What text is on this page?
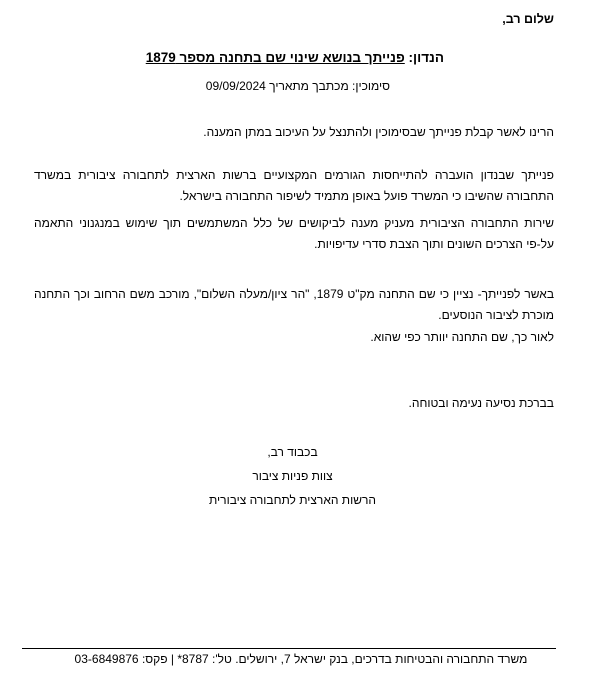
שלום רב,
הנדון: פנייתך בנושא שינוי שם בתחנה מספר 1879
סימוכין: מכתבך מתאריך 09/09/2024
הרינו לאשר קבלת פנייתך שבסימוכין ולהתנצל על העיכוב במתן המענה.
פנייתך שבנדון הועברה להתייחסות הגורמים המקצועיים ברשות הארצית לתחבורה ציבורית במשרד התחבורה שהשיבו כי המשרד פועל באופן מתמיד לשיפור התחבורה בישראל.
שירות התחבורה הציבורית מעניק מענה לביקושים של כלל המשתמשים תוך שימוש במנגנוני התאמה על-פי הצרכים השונים ותוך הצבת סדרי עדיפויות.
באשר לפנייתך- נציין כי שם התחנה מק"ט 1879, "הר ציון/מעלה השלום", מורכב משם הרחוב וכך התחנה מוכרת לציבור הנוסעים.
לאור כך, שם התחנה יוותר כפי שהוא.
בברכת נסיעה נעימה ובטוחה.
בכבוד רב,
צוות פניות ציבור
הרשות הארצית לתחבורה ציבורית
משרד התחבורה והבטיחות בדרכים, בנק ישראל 7, ירושלים. טל': 8787* | פקס: 03-6849876
